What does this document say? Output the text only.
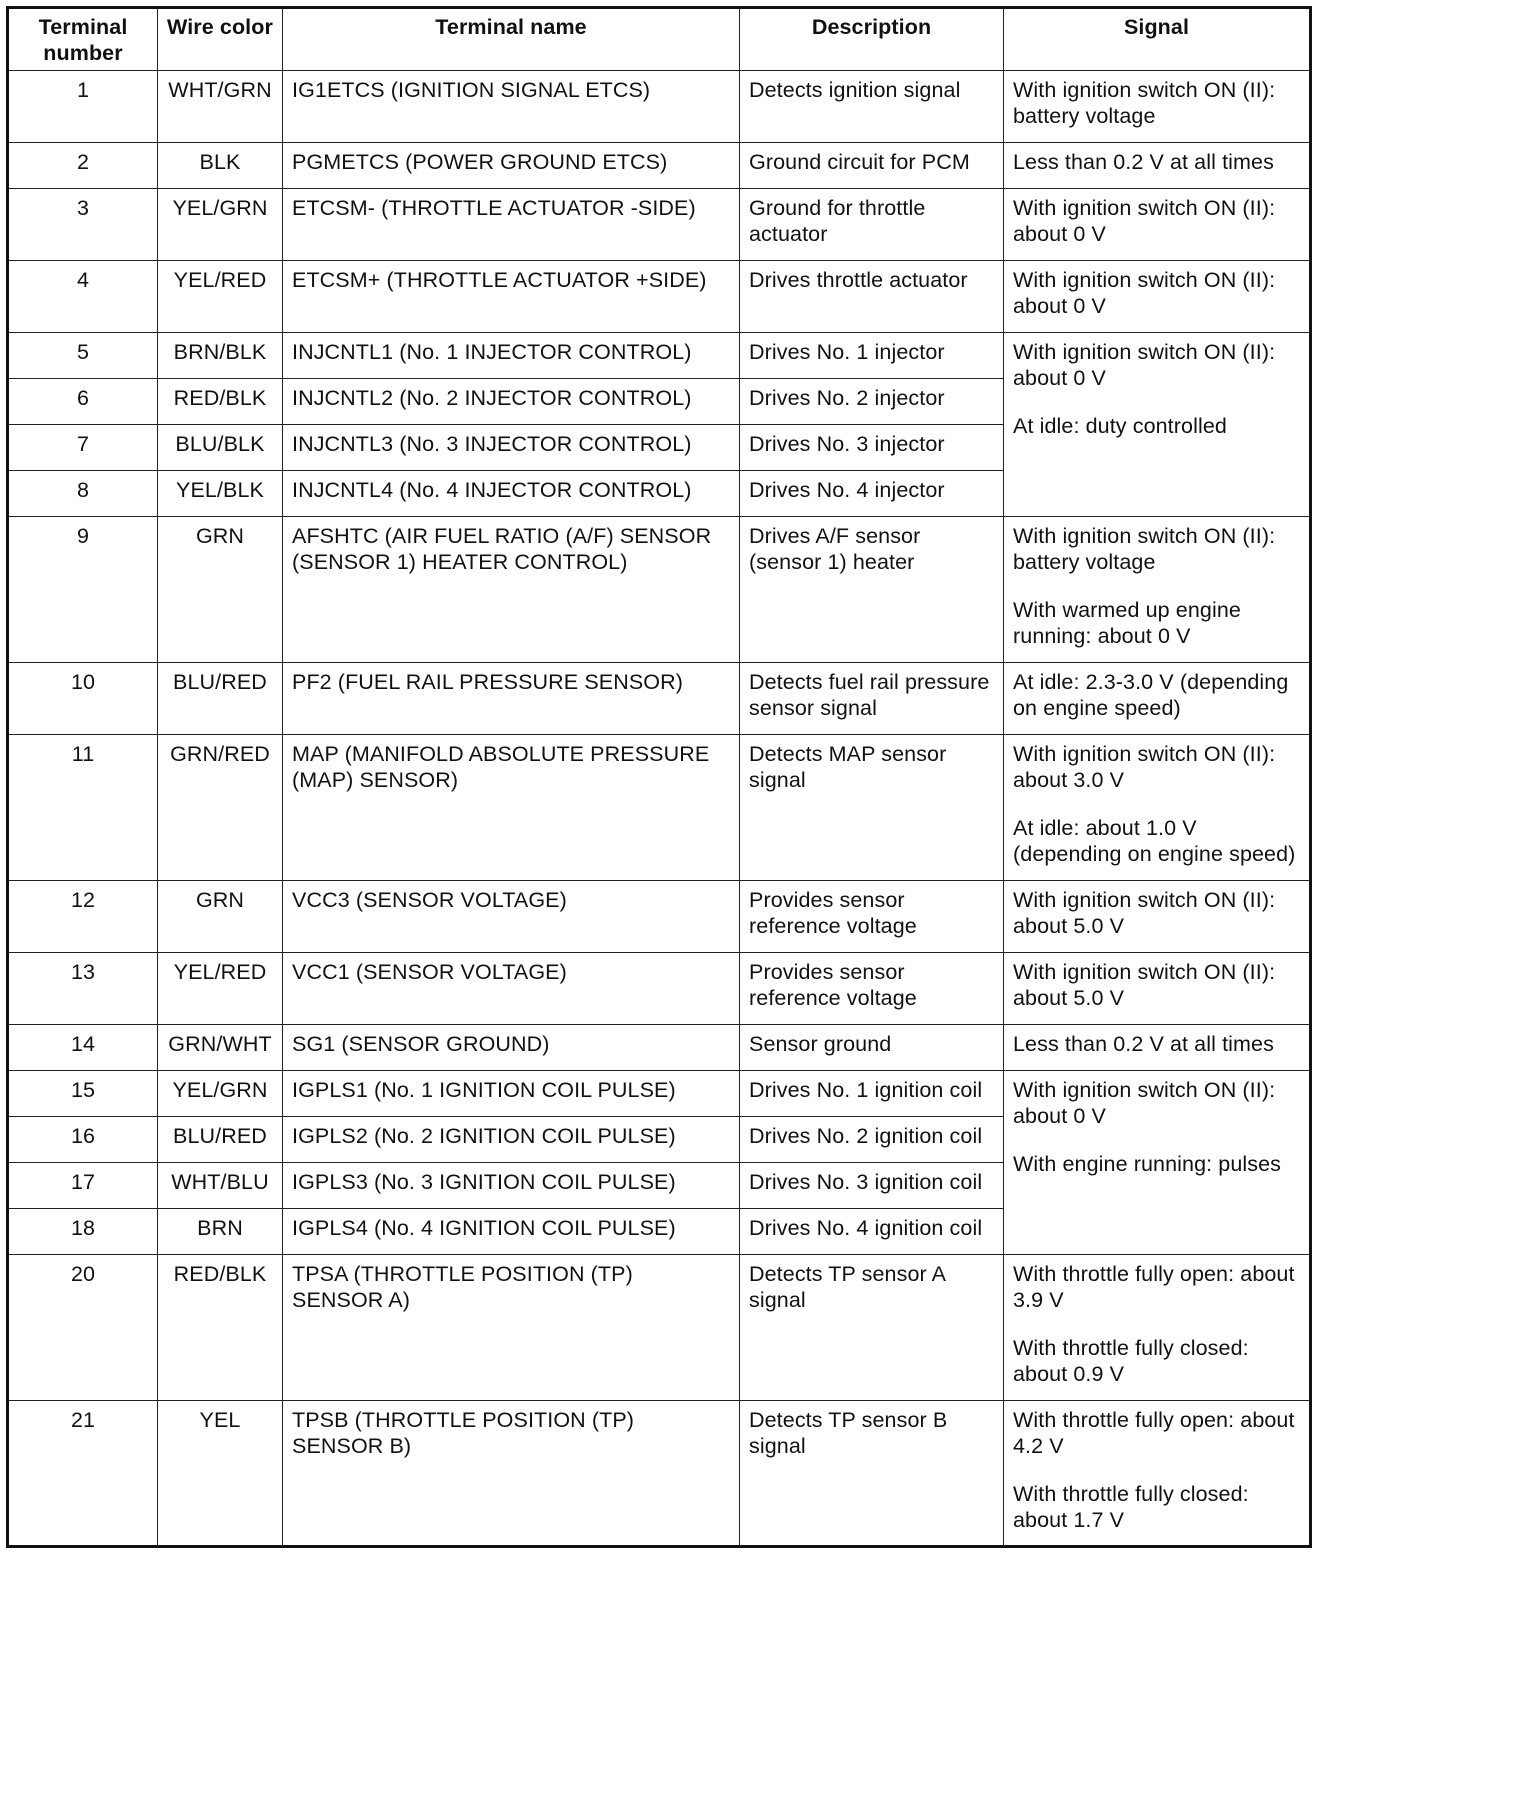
Terminal number	Wire color	Terminal name	Description	Signal
1	WHT/GRN	IG1ETCS (IGNITION SIGNAL ETCS)	Detects ignition signal	With ignition switch ON (II): battery voltage

2	BLK	PGMETCS (POWER GROUND ETCS)	Ground circuit for PCM	Less than 0.2 V at all times

3	YEL/GRN	ETCSM- (THROTTLE ACTUATOR -SIDE)	Ground for throttle actuator	With ignition switch ON (II): about 0 V

4	YEL/RED	ETCSM+ (THROTTLE ACTUATOR +SIDE)	Drives throttle actuator	With ignition switch ON (II): about 0 V

5	BRN/BLK	INJCNTL1 (No. 1 INJECTOR CONTROL)	Drives No. 1 injector	With ignition switch ON (II): about 0 V
At idle: duty controlled

6	RED/BLK	INJCNTL2 (No. 2 INJECTOR CONTROL)	Drives No. 2 injector	
7	BLU/BLK	INJCNTL3 (No. 3 INJECTOR CONTROL)	Drives No. 3 injector	
8	YEL/BLK	INJCNTL4 (No. 4 INJECTOR CONTROL)	Drives No. 4 injector	
9	GRN	AFSHTC (AIR FUEL RATIO (A/F) SENSOR (SENSOR 1) HEATER CONTROL)	Drives A/F sensor (sensor 1) heater	With ignition switch ON (II): battery voltage
With warmed up engine running: about 0 V

10	BLU/RED	PF2 (FUEL RAIL PRESSURE SENSOR)	Detects fuel rail pressure sensor signal	At idle: 2.3-3.0 V (depending on engine speed)

11	GRN/RED	MAP (MANIFOLD ABSOLUTE PRESSURE (MAP) SENSOR)	Detects MAP sensor signal	With ignition switch ON (II): about 3.0 V
At idle: about 1.0 V (depending on engine speed)

12	GRN	VCC3 (SENSOR VOLTAGE)	Provides sensor reference voltage	With ignition switch ON (II): about 5.0 V

13	YEL/RED	VCC1 (SENSOR VOLTAGE)	Provides sensor reference voltage	With ignition switch ON (II): about 5.0 V

14	GRN/WHT	SG1 (SENSOR GROUND)	Sensor ground	Less than 0.2 V at all times

15	YEL/GRN	IGPLS1 (No. 1 IGNITION COIL PULSE)	Drives No. 1 ignition coil	With ignition switch ON (II): about 0 V
With engine running: pulses

16	BLU/RED	IGPLS2 (No. 2 IGNITION COIL PULSE)	Drives No. 2 ignition coil	
17	WHT/BLU	IGPLS3 (No. 3 IGNITION COIL PULSE)	Drives No. 3 ignition coil	
18	BRN	IGPLS4 (No. 4 IGNITION COIL PULSE)	Drives No. 4 ignition coil	
20	RED/BLK	TPSA (THROTTLE POSITION (TP) SENSOR A)	Detects TP sensor A signal	With throttle fully open: about 3.9 V
With throttle fully closed: about 0.9 V

21	YEL	TPSB (THROTTLE POSITION (TP) SENSOR B)	Detects TP sensor B signal	With throttle fully open: about 4.2 V
With throttle fully closed: about 1.7 V
